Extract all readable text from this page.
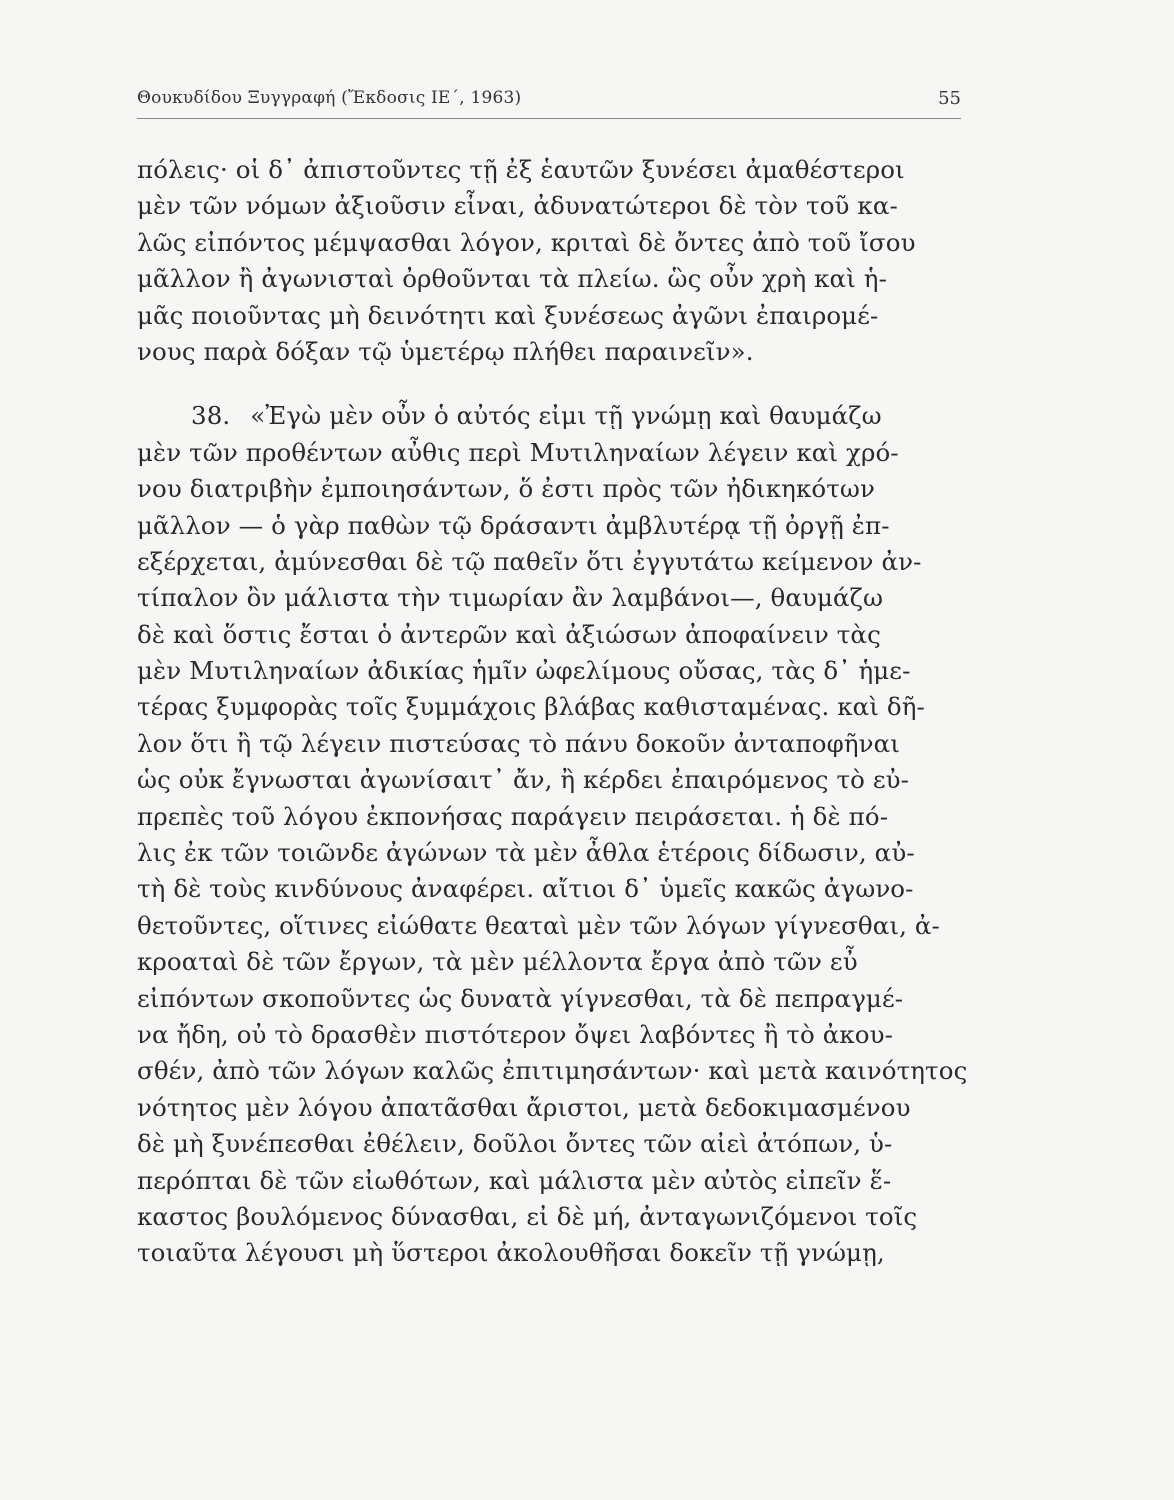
Θουκυδίδου Ξυγγραφή (Ἔκδοσις ΙΕ΄, 1963)	55
πόλεις· οἱ δ᾽ ἀπιστοῦντες τῇ ἐξ ἑαυτῶν ξυνέσει ἀμαθέστεροι
μὲν τῶν νόμων ἀξιοῦσιν εἶναι, ἀδυνατώτεροι δὲ τὸν τοῦ κα-
λῶς εἰπόντος μέμψασθαι λόγον, κριταὶ δὲ ὄντες ἀπὸ τοῦ ἴσου
μᾶλλον ἢ ἀγωνισταὶ ὀρθοῦνται τὰ πλείω. ὣς οὖν χρὴ καὶ ἡ-
μᾶς ποιοῦντας μὴ δεινότητι καὶ ξυνέσεως ἀγῶνι ἐπαιρομέ-
νους παρὰ δόξαν τῷ ὑμετέρῳ πλήθει παραινεῖν».
38. «Ἐγὼ μὲν οὖν ὁ αὐτός εἰμι τῇ γνώμῃ καὶ θαυμάζω
μὲν τῶν προθέντων αὖθις περὶ Μυτιληναίων λέγειν καὶ χρό-
νου διατριβὴν ἐμποιησάντων, ὅ ἐστι πρὸς τῶν ἠδικηκότων
μᾶλλον — ὁ γὰρ παθὼν τῷ δράσαντι ἀμβλυτέρᾳ τῇ ὀργῇ ἐπ-
εξέρχεται, ἀμύνεσθαι δὲ τῷ παθεῖν ὅτι ἐγγυτάτω κείμενον ἀν-
τίπαλον ὂν μάλιστα τὴν τιμωρίαν ἂν λαμβάνοι—, θαυμάζω
δὲ καὶ ὅστις ἔσται ὁ ἀντερῶν καὶ ἀξιώσων ἀποφαίνειν τὰς
μὲν Μυτιληναίων ἀδικίας ἡμῖν ὠφελίμους οὔσας, τὰς δ᾽ ἡμε-
τέρας ξυμφορὰς τοῖς ξυμμάχοις βλάβας καθισταμένας. καὶ δῆ-
λον ὅτι ἢ τῷ λέγειν πιστεύσας τὸ πάνυ δοκοῦν ἀνταποφῆναι
ὡς οὐκ ἔγνωσται ἀγωνίσαιτ᾽ ἄν, ἢ κέρδει ἐπαιρόμενος τὸ εὐ-
πρεπὲς τοῦ λόγου ἐκπονήσας παράγειν πειράσεται. ἡ δὲ πό-
λις ἐκ τῶν τοιῶνδε ἀγώνων τὰ μὲν ἆθλα ἑτέροις δίδωσιν, αὐ-
τὴ δὲ τοὺς κινδύνους ἀναφέρει. αἴτιοι δ᾽ ὑμεῖς κακῶς ἀγωνο-
θετοῦντες, οἵτινες εἰώθατε θεαταὶ μὲν τῶν λόγων γίγνεσθαι, ἀ-
κροαταὶ δὲ τῶν ἔργων, τὰ μὲν μέλλοντα ἔργα ἀπὸ τῶν εὖ
εἰπόντων σκοποῦντες ὡς δυνατὰ γίγνεσθαι, τὰ δὲ πεπραγμέ-
να ἤδη, οὐ τὸ δρασθὲν πιστότερον ὄψει λαβόντες ἢ τὸ ἀκου-
σθέν, ἀπὸ τῶν λόγων καλῶς ἐπιτιμησάντων· καὶ μετὰ καινότητος
νότητος μὲν λόγου ἀπατᾶσθαι ἄριστοι, μετὰ δεδοκιμασμένου
δὲ μὴ ξυνέπεσθαι ἐθέλειν, δοῦλοι ὄντες τῶν αἰεὶ ἀτόπων, ὑ-
περόπται δὲ τῶν εἰωθότων, καὶ μάλιστα μὲν αὐτὸς εἰπεῖν ἕ-
καστος βουλόμενος δύνασθαι, εἰ δὲ μή, ἀνταγωνιζόμενοι τοῖς
τοιαῦτα λέγουσι μὴ ὕστεροι ἀκολουθῆσαι δοκεῖν τῇ γνώμῃ,
